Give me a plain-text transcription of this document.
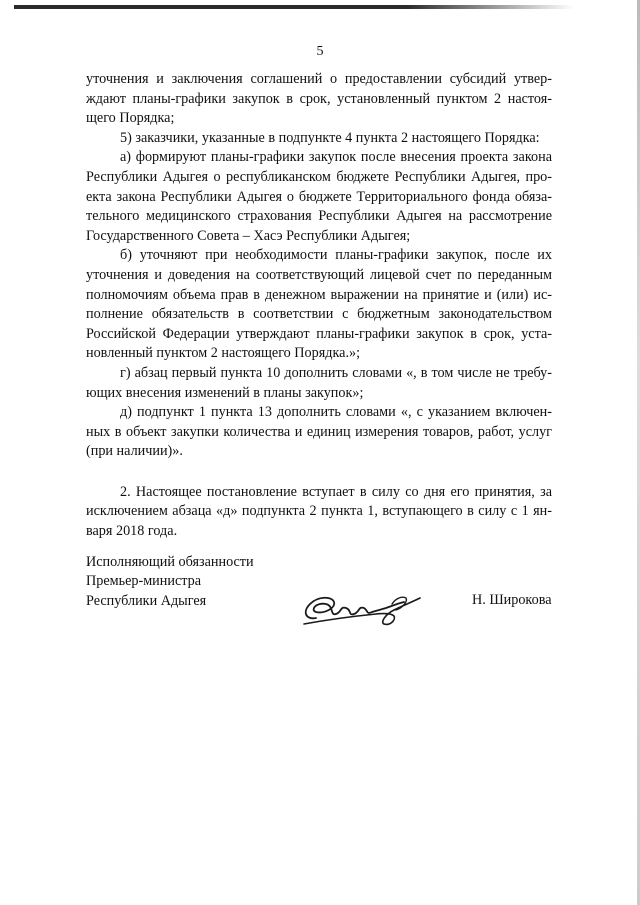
5
уточнения и заключения соглашений о предоставлении субсидий утвер-
ждают планы-графики закупок в срок, установленный пунктом 2 настоя-
щего Порядка;
5) заказчики, указанные в подпункте 4 пункта 2 настоящего Порядка:
а) формируют планы-графики закупок после внесения проекта закона
Республики Адыгея о республиканском бюджете Республики Адыгея, про-
екта закона Республики Адыгея о бюджете Территориального фонда обяза-
тельного медицинского страхования Республики Адыгея на рассмотрение
Государственного Совета – Хасэ Республики Адыгея;
б) уточняют при необходимости планы-графики закупок, после их
уточнения и доведения на соответствующий лицевой счет по переданным
полномочиям объема прав в денежном выражении на принятие и (или) ис-
полнение обязательств в соответствии с бюджетным законодательством
Российской Федерации утверждают планы-графики закупок в срок, уста-
новленный пунктом 2 настоящего Порядка.»;
г) абзац первый пункта 10 дополнить словами «, в том числе не требу-
ющих внесения изменений в планы закупок»;
д) подпункт 1 пункта 13 дополнить словами «, с указанием включен-
ных в объект закупки количества и единиц измерения товаров, работ, услуг
(при наличии)».
2. Настоящее постановление вступает в силу со дня его принятия, за
исключением абзаца «д» подпункта 2 пункта 1, вступающего в силу с 1 ян-
варя 2018 года.
Исполняющий обязанности
Премьер-министра
Республики Адыгея	Н. Широкова
